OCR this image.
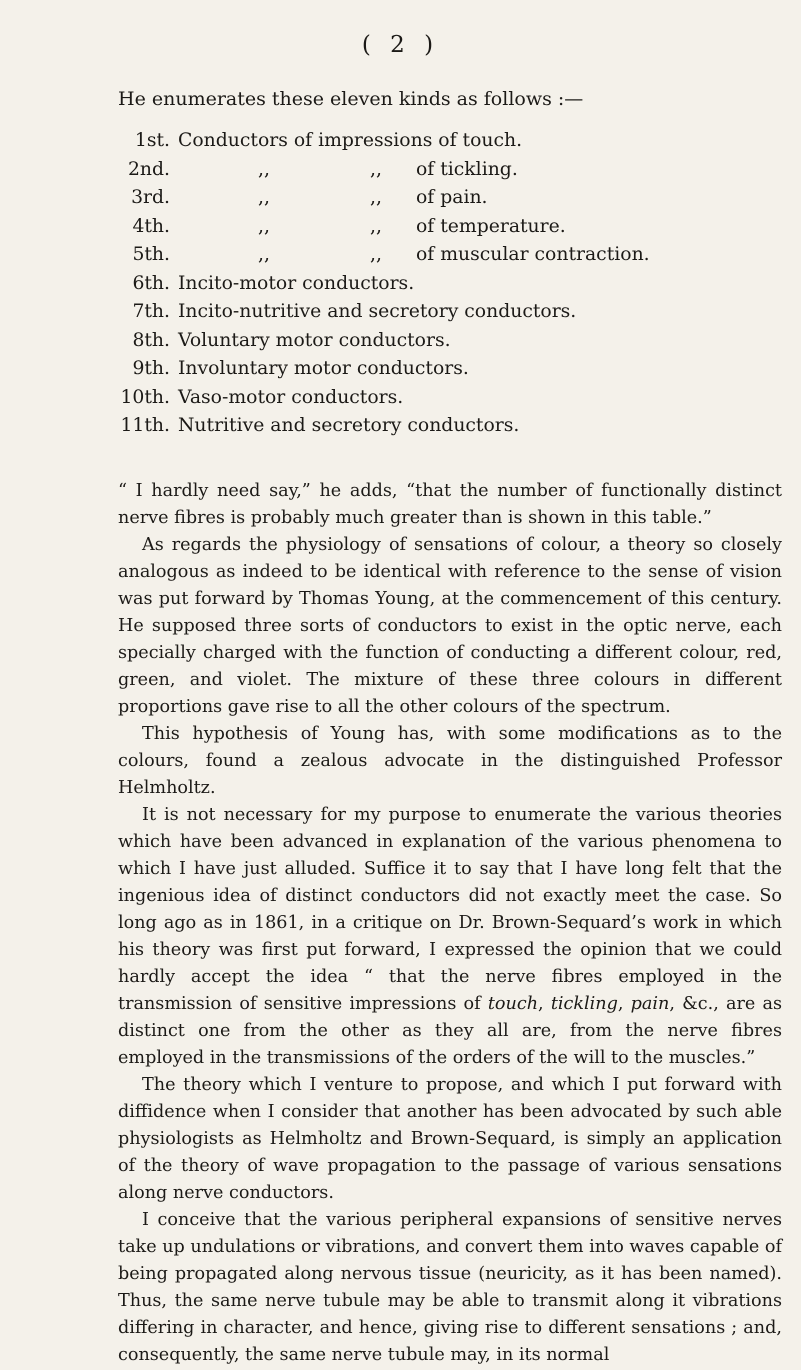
( 2 )
He enumerates these eleven kinds as follows :—
1st. Conductors of impressions of touch.
2nd.	,,	,, of tickling.
3rd.	,,	,, of pain.
4th.	,,	,, of temperature.
5th.	,,	,, of muscular contraction.
6th. Incito-motor conductors.
7th. Incito-nutritive and secretory conductors.
8th. Voluntary motor conductors.
9th. Involuntary motor conductors.
10th. Vaso-motor conductors.
11th. Nutritive and secretory conductors.

“ I hardly need say,” he adds, “that the number of functionally distinct nerve fibres is probably much greater than is shown in this table.”

As regards the physiology of sensations of colour, a theory so closely analogous as indeed to be identical with reference to the sense of vision was put forward by Thomas Young, at the commencement of this century. He supposed three sorts of conductors to exist in the optic nerve, each specially charged with the function of conducting a different colour, red, green, and violet. The mixture of these three colours in different proportions gave rise to all the other colours of the spectrum.

This hypothesis of Young has, with some modifications as to the colours, found a zealous advocate in the distinguished Professor Helmholtz.

It is not necessary for my purpose to enumerate the various theories which have been advanced in explanation of the various phenomena to which I have just alluded. Suffice it to say that I have long felt that the ingenious idea of distinct conductors did not exactly meet the case. So long ago as in 1861, in a critique on Dr. Brown-Sequard’s work in which his theory was first put forward, I expressed the opinion that we could hardly accept the idea “ that the nerve fibres employed in the transmission of sensitive impressions of touch, tickling, pain, &c., are as distinct one from the other as they all are, from the nerve fibres employed in the transmissions of the orders of the will to the muscles.”

The theory which I venture to propose, and which I put forward with diffidence when I consider that another has been advocated by such able physiologists as Helmholtz and Brown-Sequard, is simply an application of the theory of wave propagation to the passage of various sensations along nerve conductors.

I conceive that the various peripheral expansions of sensitive nerves take up undulations or vibrations, and convert them into waves capable of being propagated along nervous tissue (neuricity, as it has been named). Thus, the same nerve tubule may be able to transmit along it vibrations differing in character, and hence, giving rise to different sensations ; and, consequently, the same nerve tubule may, in its normal
